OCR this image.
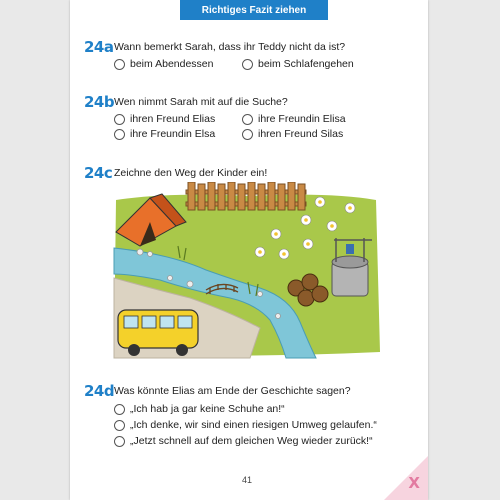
Richtiges Fazit ziehen
24a Wann bemerkt Sarah, dass ihr Teddy nicht da ist?
beim Abendessen	beim Schlafengehen
24b Wen nimmt Sarah mit auf die Suche?
ihren Freund Elias	ihre Freundin Elisa
ihre Freundin Elsa	ihren Freund Silas
24c Zeichne den Weg der Kinder ein!
24d Was könnte Elias am Ende der Geschichte sagen?
„Ich hab ja gar keine Schuhe an!“
„Ich denke, wir sind einen riesigen Umweg gelaufen.“
„Jetzt schnell auf dem gleichen Weg wieder zurück!“
41	X
